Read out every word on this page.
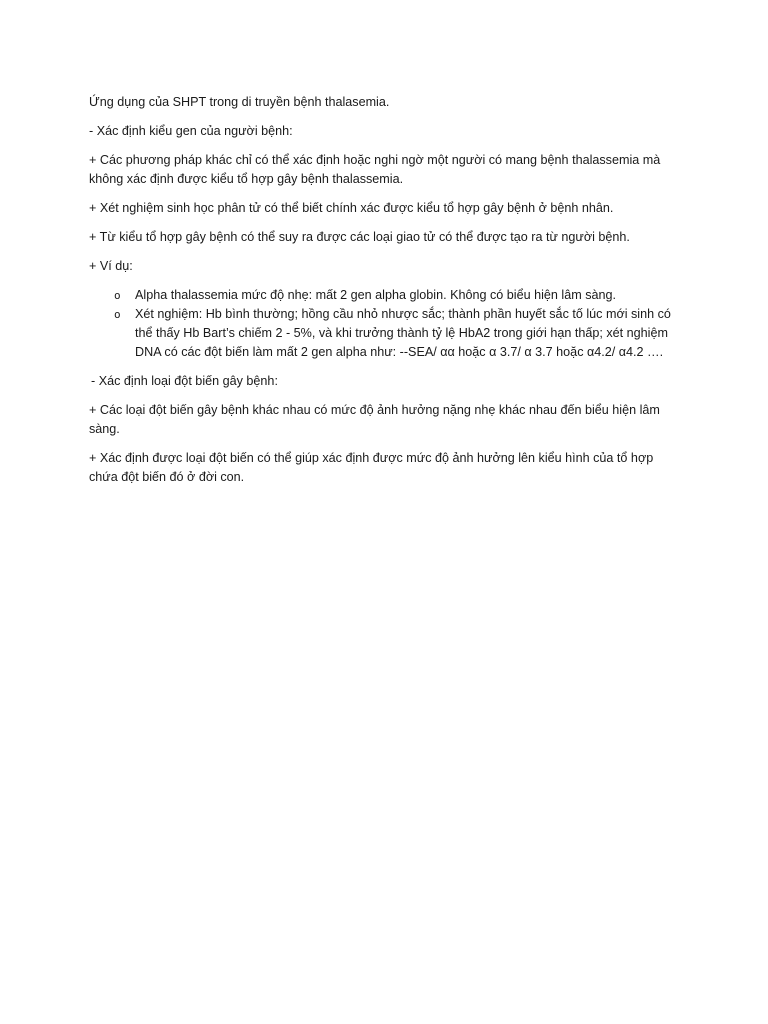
Ứng dụng của SHPT trong di truyền bệnh thalasemia.

- Xác định kiểu gen của người bệnh:

+ Các phương pháp khác chỉ có thể xác định hoặc nghi ngờ một người có mang bệnh thalassemia mà không xác định được kiểu tổ hợp gây bệnh thalassemia.

+ Xét nghiệm sinh học phân tử có thể biết chính xác được kiểu tổ hợp gây bệnh ở bệnh nhân.

+ Từ kiểu tổ hợp gây bệnh có thể suy ra được các loại giao tử có thể được tạo ra từ người bệnh.

+ Ví dụ:

o Alpha thalassemia mức độ nhẹ: mất 2 gen alpha globin. Không có biểu hiện lâm sàng.
o Xét nghiệm: Hb bình thường; hồng cầu nhỏ nhược sắc; thành phần huyết sắc tố lúc mới sinh có thể thấy Hb Bart’s chiếm 2 - 5%, và khi trưởng thành tỷ lệ HbA2 trong giới hạn thấp; xét nghiệm DNA có các đột biến làm mất 2 gen alpha như: --SEA/ αα hoặc α 3.7/ α 3.7 hoặc α4.2/ α4.2 ….

- Xác định loại đột biến gây bệnh:

+ Các loại đột biến gây bệnh khác nhau có mức độ ảnh hưởng nặng nhẹ khác nhau đến biểu hiện lâm sàng.

+ Xác định được loại đột biến có thể giúp xác định được mức độ ảnh hưởng lên kiểu hình của tổ hợp chứa đột biến đó ở đời con.
